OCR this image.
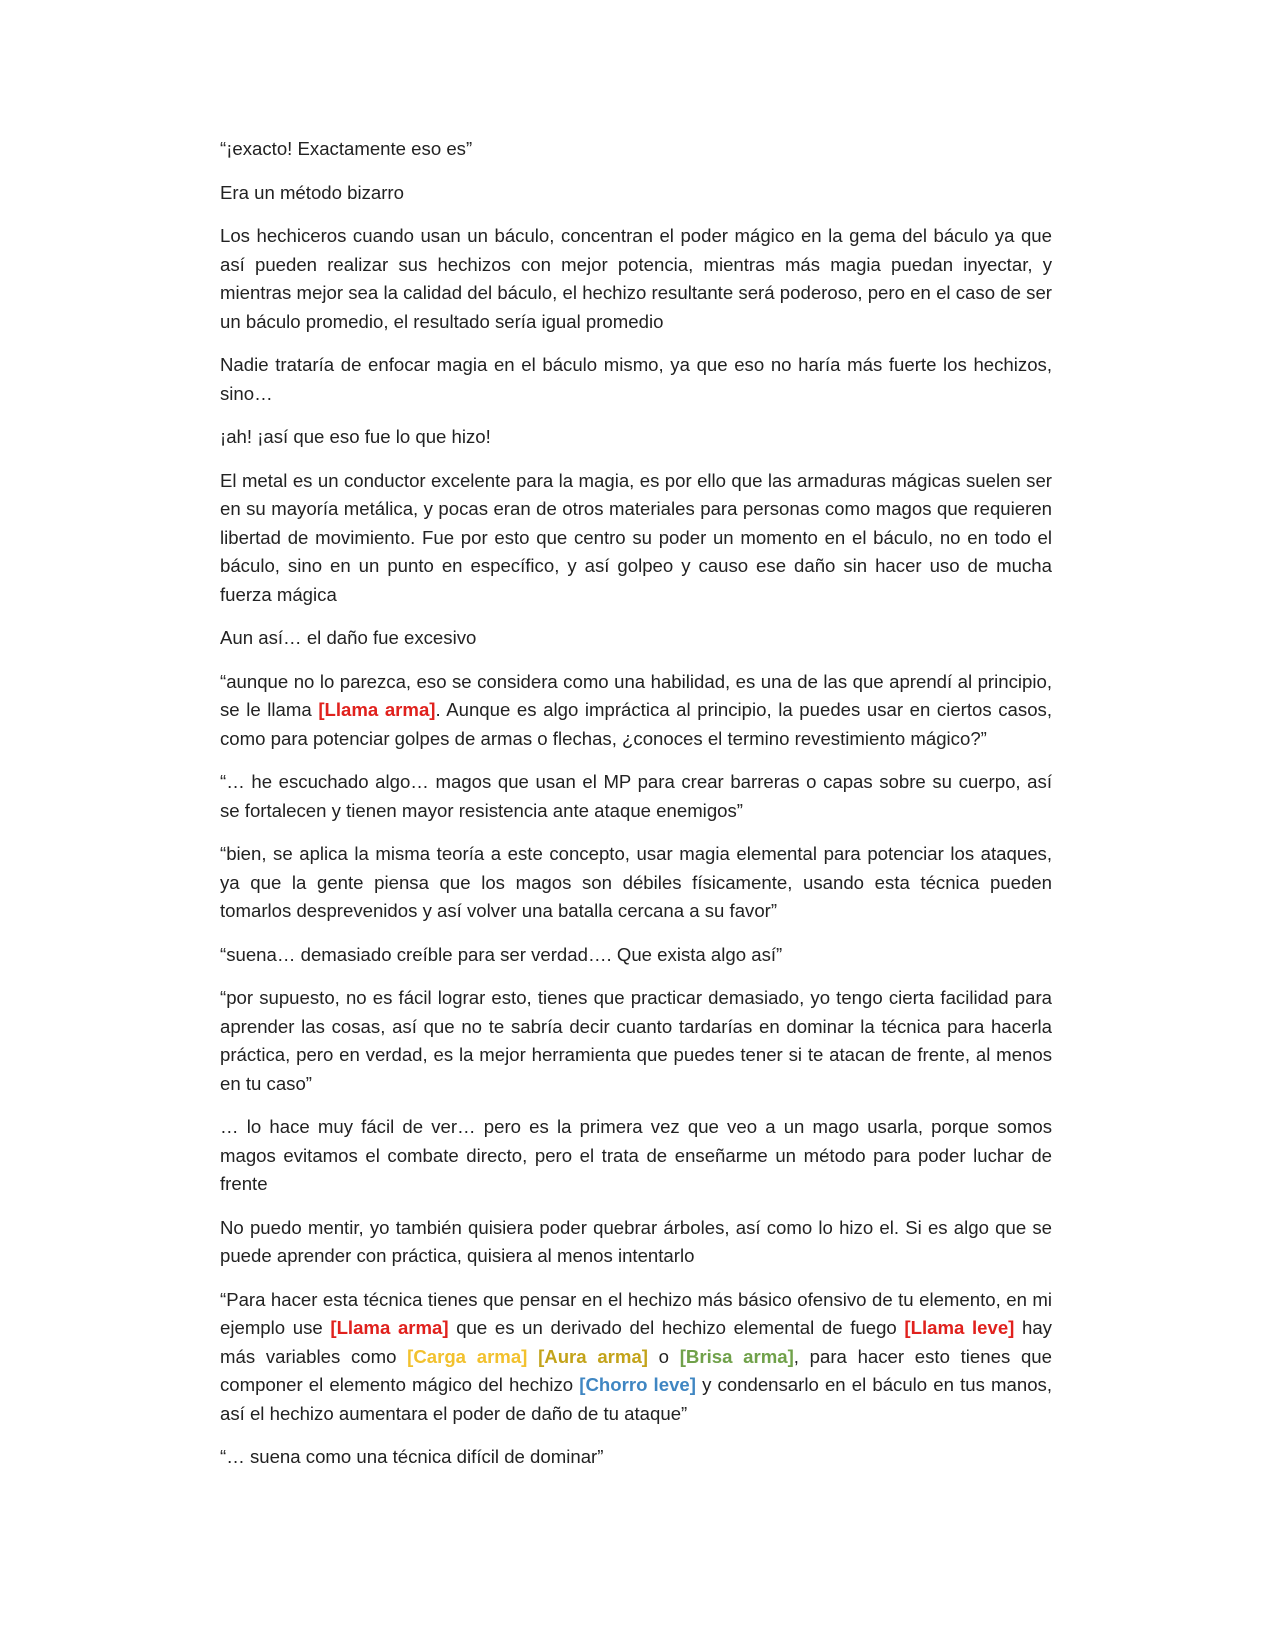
“¡exacto! Exactamente eso es”

Era un método bizarro

Los hechiceros cuando usan un báculo, concentran el poder mágico en la gema del báculo ya que así pueden realizar sus hechizos con mejor potencia, mientras más magia puedan inyectar, y mientras mejor sea la calidad del báculo, el hechizo resultante será poderoso, pero en el caso de ser un báculo promedio, el resultado sería igual promedio

Nadie trataría de enfocar magia en el báculo mismo, ya que eso no haría más fuerte los hechizos, sino…

¡ah! ¡así que eso fue lo que hizo!

El metal es un conductor excelente para la magia, es por ello que las armaduras mágicas suelen ser en su mayoría metálica, y pocas eran de otros materiales para personas como magos que requieren libertad de movimiento. Fue por esto que centro su poder un momento en el báculo, no en todo el báculo, sino en un punto en específico, y así golpeo y causo ese daño sin hacer uso de mucha fuerza mágica

Aun así… el daño fue excesivo

“aunque no lo parezca, eso se considera como una habilidad, es una de las que aprendí al principio, se le llama [Llama arma]. Aunque es algo impráctica al principio, la puedes usar en ciertos casos, como para potenciar golpes de armas o flechas, ¿conoces el termino revestimiento mágico?”

“… he escuchado algo… magos que usan el MP para crear barreras o capas sobre su cuerpo, así se fortalecen y tienen mayor resistencia ante ataque enemigos”

“bien, se aplica la misma teoría a este concepto, usar magia elemental para potenciar los ataques, ya que la gente piensa que los magos son débiles físicamente, usando esta técnica pueden tomarlos desprevenidos y así volver una batalla cercana a su favor”

“suena… demasiado creíble para ser verdad…. Que exista algo así”

“por supuesto, no es fácil lograr esto, tienes que practicar demasiado, yo tengo cierta facilidad para aprender las cosas, así que no te sabría decir cuanto tardarías en dominar la técnica para hacerla práctica, pero en verdad, es la mejor herramienta que puedes tener si te atacan de frente, al menos en tu caso”

… lo hace muy fácil de ver… pero es la primera vez que veo a un mago usarla, porque somos magos evitamos el combate directo, pero el trata de enseñarme un método para poder luchar de frente

No puedo mentir, yo también quisiera poder quebrar árboles, así como lo hizo el. Si es algo que se puede aprender con práctica, quisiera al menos intentarlo

“Para hacer esta técnica tienes que pensar en el hechizo más básico ofensivo de tu elemento, en mi ejemplo use [Llama arma] que es un derivado del hechizo elemental de fuego [Llama leve] hay más variables como [Carga arma] [Aura arma] o [Brisa arma], para hacer esto tienes que componer el elemento mágico del hechizo [Chorro leve] y condensarlo en el báculo en tus manos, así el hechizo aumentara el poder de daño de tu ataque”

“… suena como una técnica difícil de dominar”
